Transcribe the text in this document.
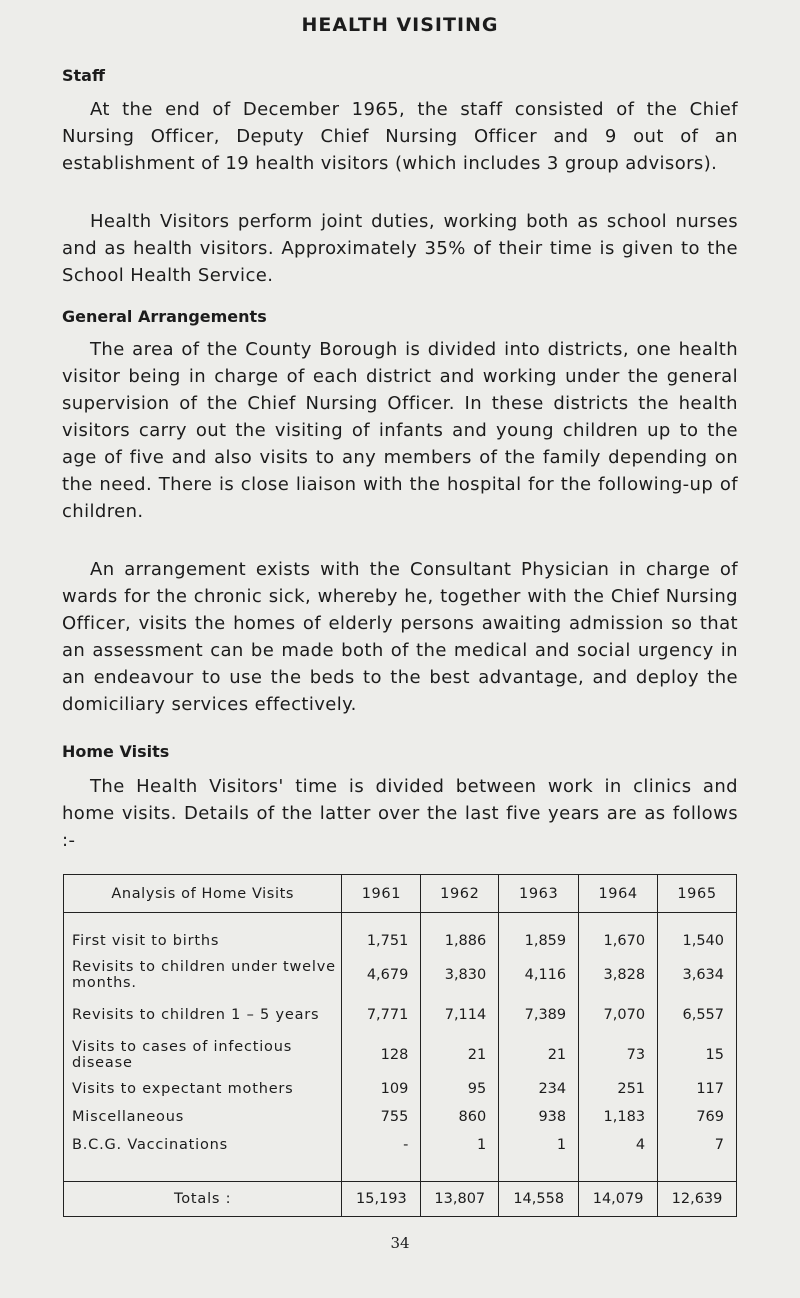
HEALTH VISITING
Staff

At the end of December 1965, the staff consisted of the Chief Nursing Officer, Deputy Chief Nursing Officer and 9 out of an establishment of 19 health visitors (which includes 3 group advisors).

Health Visitors perform joint duties, working both as school nurses and as health visitors. Approximately 35% of their time is given to the School Health Service.

General Arrangements

The area of the County Borough is divided into districts, one health visitor being in charge of each district and working under the general supervision of the Chief Nursing Officer. In these districts the health visitors carry out the visiting of infants and young children up to the age of five and also visits to any members of the family depending on the need. There is close liaison with the hospital for the following-up of children.

An arrangement exists with the Consultant Physician in charge of wards for the chronic sick, whereby he, together with the Chief Nursing Officer, visits the homes of elderly persons awaiting admission so that an assessment can be made both of the medical and social urgency in an endeavour to use the beds to the best advantage, and deploy the domiciliary services effectively.

Home Visits

The Health Visitors' time is divided between work in clinics and home visits. Details of the latter over the last five years are as follows :-

Analysis of Home Visits	1961	1962	1963	1964	1965
First visit to births	1,751	1,886	1,859	1,670	1,540
Revisits to children under twelve months.	4,679	3,830	4,116	3,828	3,634
Revisits to children 1 – 5 years	7,771	7,114	7,389	7,070	6,557
Visits to cases of infectious disease	128	21	21	73	15
Visits to expectant mothers	109	95	234	251	117
Miscellaneous	755	860	938	1,183	769
B.C.G. Vaccinations	-	1	1	4	7

Totals :	15,193	13,807	14,558	14,079	12,639
34
